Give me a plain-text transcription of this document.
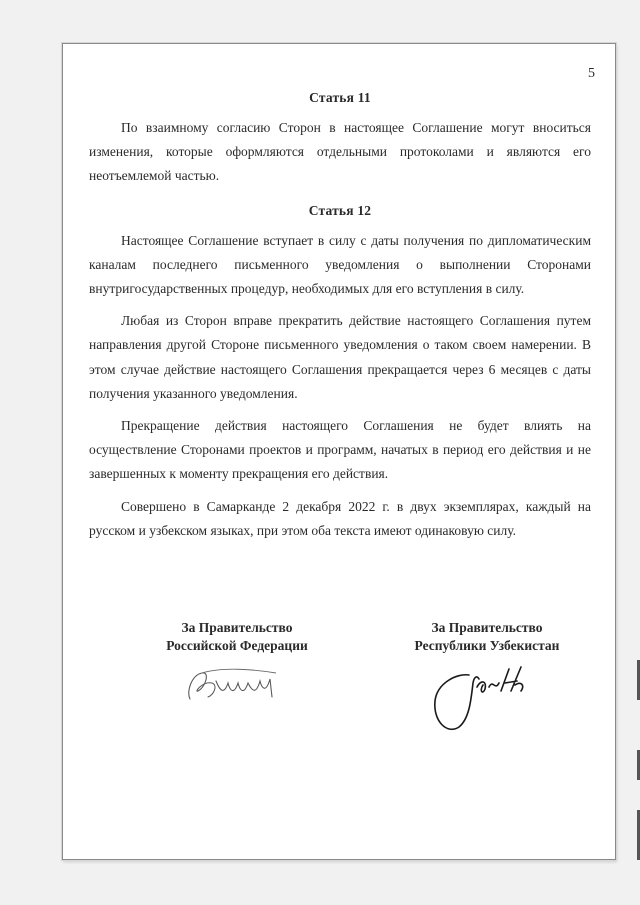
5
Статья 11

По взаимному согласию Сторон в настоящее Соглашение могут вноситься изменения, которые оформляются отдельными протоколами и являются его неотъемлемой частью.

Статья 12

Настоящее Соглашение вступает в силу с даты получения по дипломатическим каналам последнего письменного уведомления о выполнении Сторонами внутригосударственных процедур, необходимых для его вступления в силу.

Любая из Сторон вправе прекратить действие настоящего Соглашения путем направления другой Стороне письменного уведомления о таком своем намерении. В этом случае действие настоящего Соглашения прекращается через 6 месяцев с даты получения указанного уведомления.

Прекращение действия настоящего Соглашения не будет влиять на осуществление Сторонами проектов и программ, начатых в период его действия и не завершенных к моменту прекращения его действия.

Совершено в Самарканде 2 декабря 2022 г. в двух экземплярах, каждый на русском и узбекском языках, при этом оба текста имеют одинаковую силу.

За Правительство
Российской Федерации
За Правительство
Республики Узбекистан
